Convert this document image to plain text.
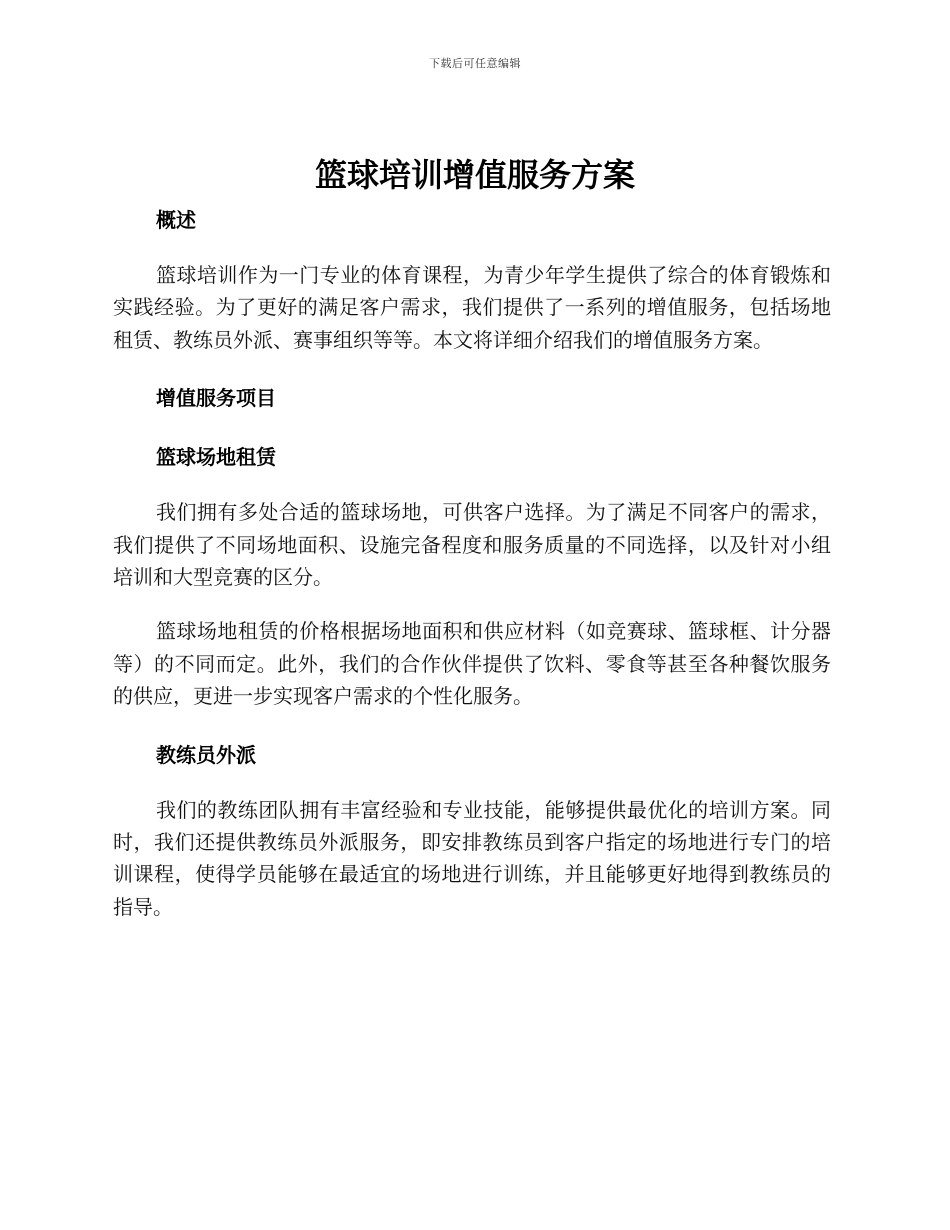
下载后可任意编辑
篮球培训增值服务方案
概述

篮球培训作为一门专业的体育课程，为青少年学生提供了综合的体育锻炼和实践经验。为了更好的满足客户需求，我们提供了一系列的增值服务，包括场地租赁、教练员外派、赛事组织等等。本文将详细介绍我们的增值服务方案。

增值服务项目
篮球场地租赁

我们拥有多处合适的篮球场地，可供客户选择。为了满足不同客户的需求，我们提供了不同场地面积、设施完备程度和服务质量的不同选择，以及针对小组培训和大型竞赛的区分。

篮球场地租赁的价格根据场地面积和供应材料（如竞赛球、篮球框、计分器等）的不同而定。此外，我们的合作伙伴提供了饮料、零食等甚至各种餐饮服务的供应，更进一步实现客户需求的个性化服务。

教练员外派

我们的教练团队拥有丰富经验和专业技能，能够提供最优化的培训方案。同时，我们还提供教练员外派服务，即安排教练员到客户指定的场地进行专门的培训课程，使得学员能够在最适宜的场地进行训练，并且能够更好地得到教练员的指导。
